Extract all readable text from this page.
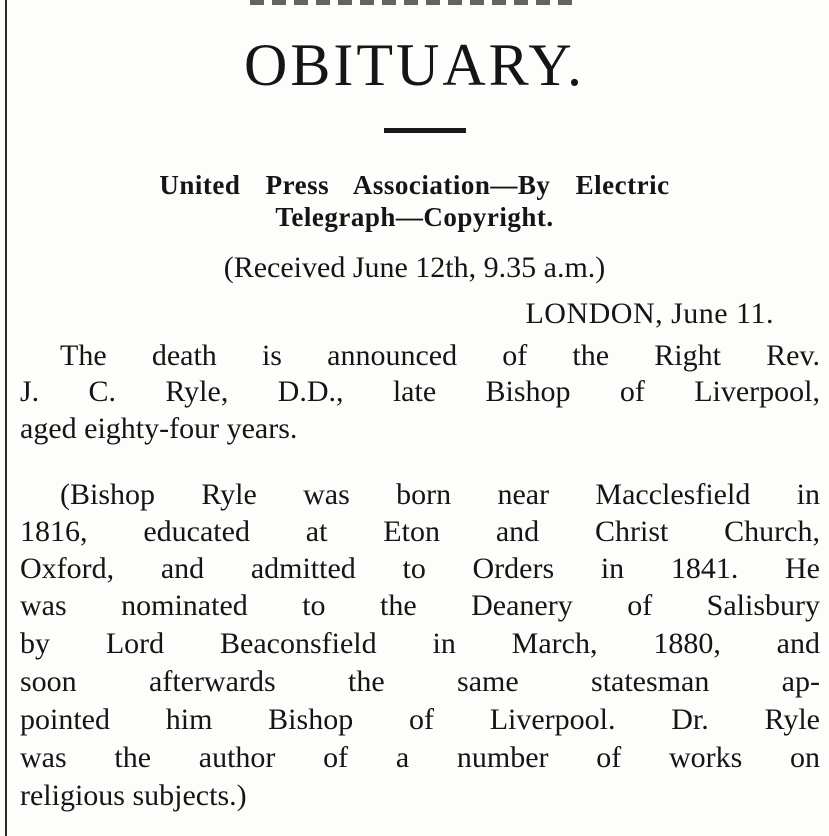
OBITUARY.
United Press Association—By Electric
Telegraph—Copyright.
(Received June 12th, 9.35 a.m.)
LONDON, June 11.
The death is announced of the Right Rev.
J. C. Ryle, D.D., late Bishop of Liverpool,
aged eighty-four years.
(Bishop Ryle was born near Macclesfield in
1816, educated at Eton and Christ Church,
Oxford, and admitted to Orders in 1841. He
was nominated to the Deanery of Salisbury
by Lord Beaconsfield in March, 1880, and
soon afterwards the same statesman ap-
pointed him Bishop of Liverpool. Dr. Ryle
was the author of a number of works on
religious subjects.)
